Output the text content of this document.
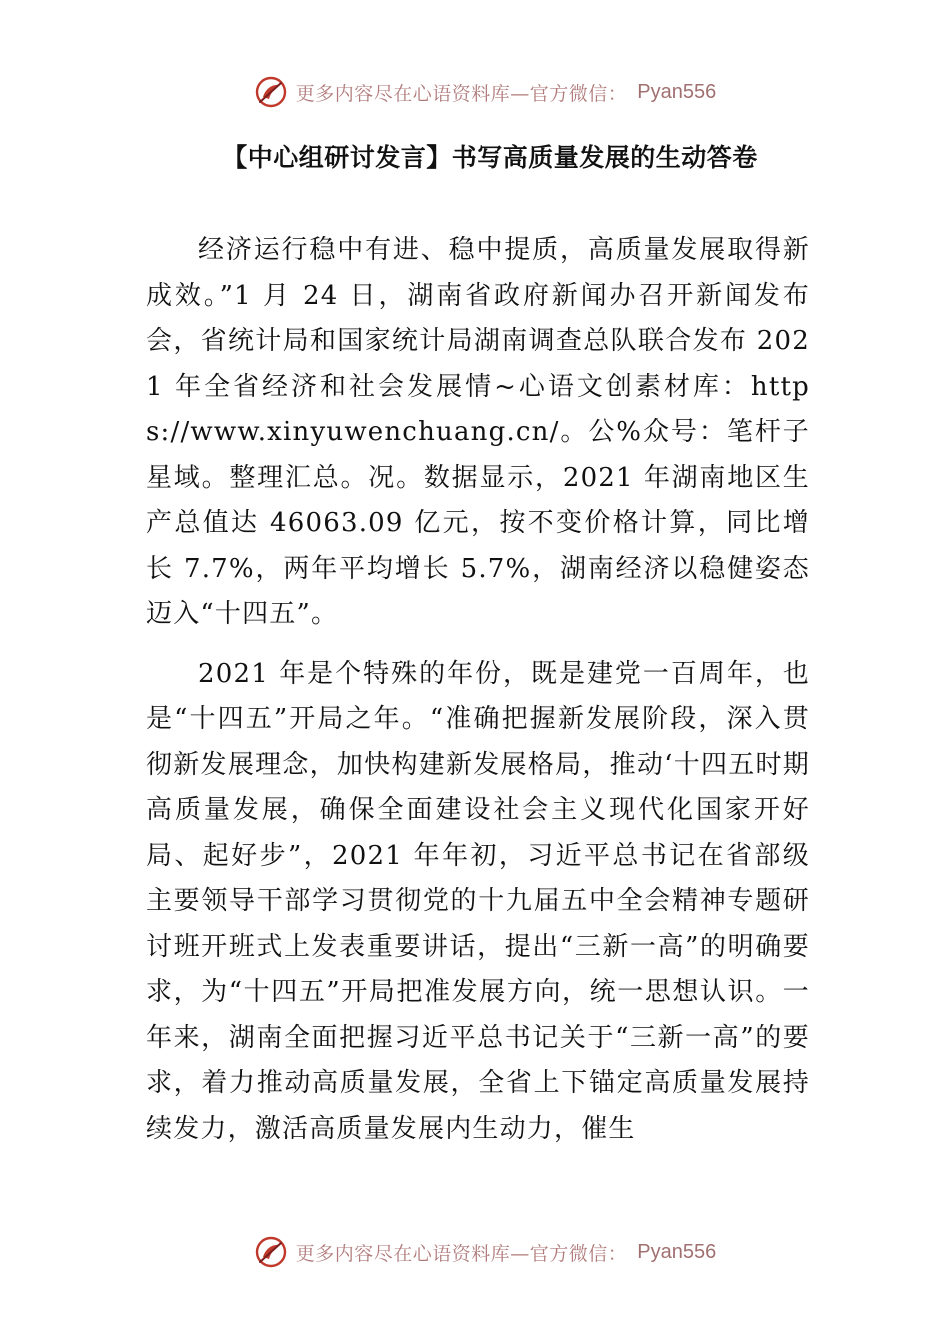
更多内容尽在心语资料库—官方微信： Pyan556
【中心组研讨发言】书写高质量发展的生动答卷

经济运行稳中有进、稳中提质，高质量发展取得新成效。”1 月 24 日，湖南省政府新闻办召开新闻发布会，省统计局和国家统计局湖南调查总队联合发布 2021 年全省经济和社会发展情~心语文创素材库：https://www.xinyuwenchuang.cn/。公%众号：笔杆子星域。整理汇总。况。数据显示，2021 年湖南地区生产总值达 46063.09 亿元，按不变价格计算，同比增长 7.7%，两年平均增长 5.7%，湖南经济以稳健姿态迈入“十四五”。

2021 年是个特殊的年份，既是建党一百周年，也是“十四五”开局之年。“准确把握新发展阶段，深入贯彻新发展理念，加快构建新发展格局，推动‘十四五时期高质量发展，确保全面建设社会主义现代化国家开好局、起好步”，2021 年年初，习近平总书记在省部级主要领导干部学习贯彻党的十九届五中全会精神专题研讨班开班式上发表重要讲话，提出“三新一高”的明确要求，为“十四五”开局把准发展方向，统一思想认识。一年来，湖南全面把握习近平总书记关于“三新一高”的要求，着力推动高质量发展，全省上下锚定高质量发展持续发力，激活高质量发展内生动力，催生

更多内容尽在心语资料库—官方微信： Pyan556
